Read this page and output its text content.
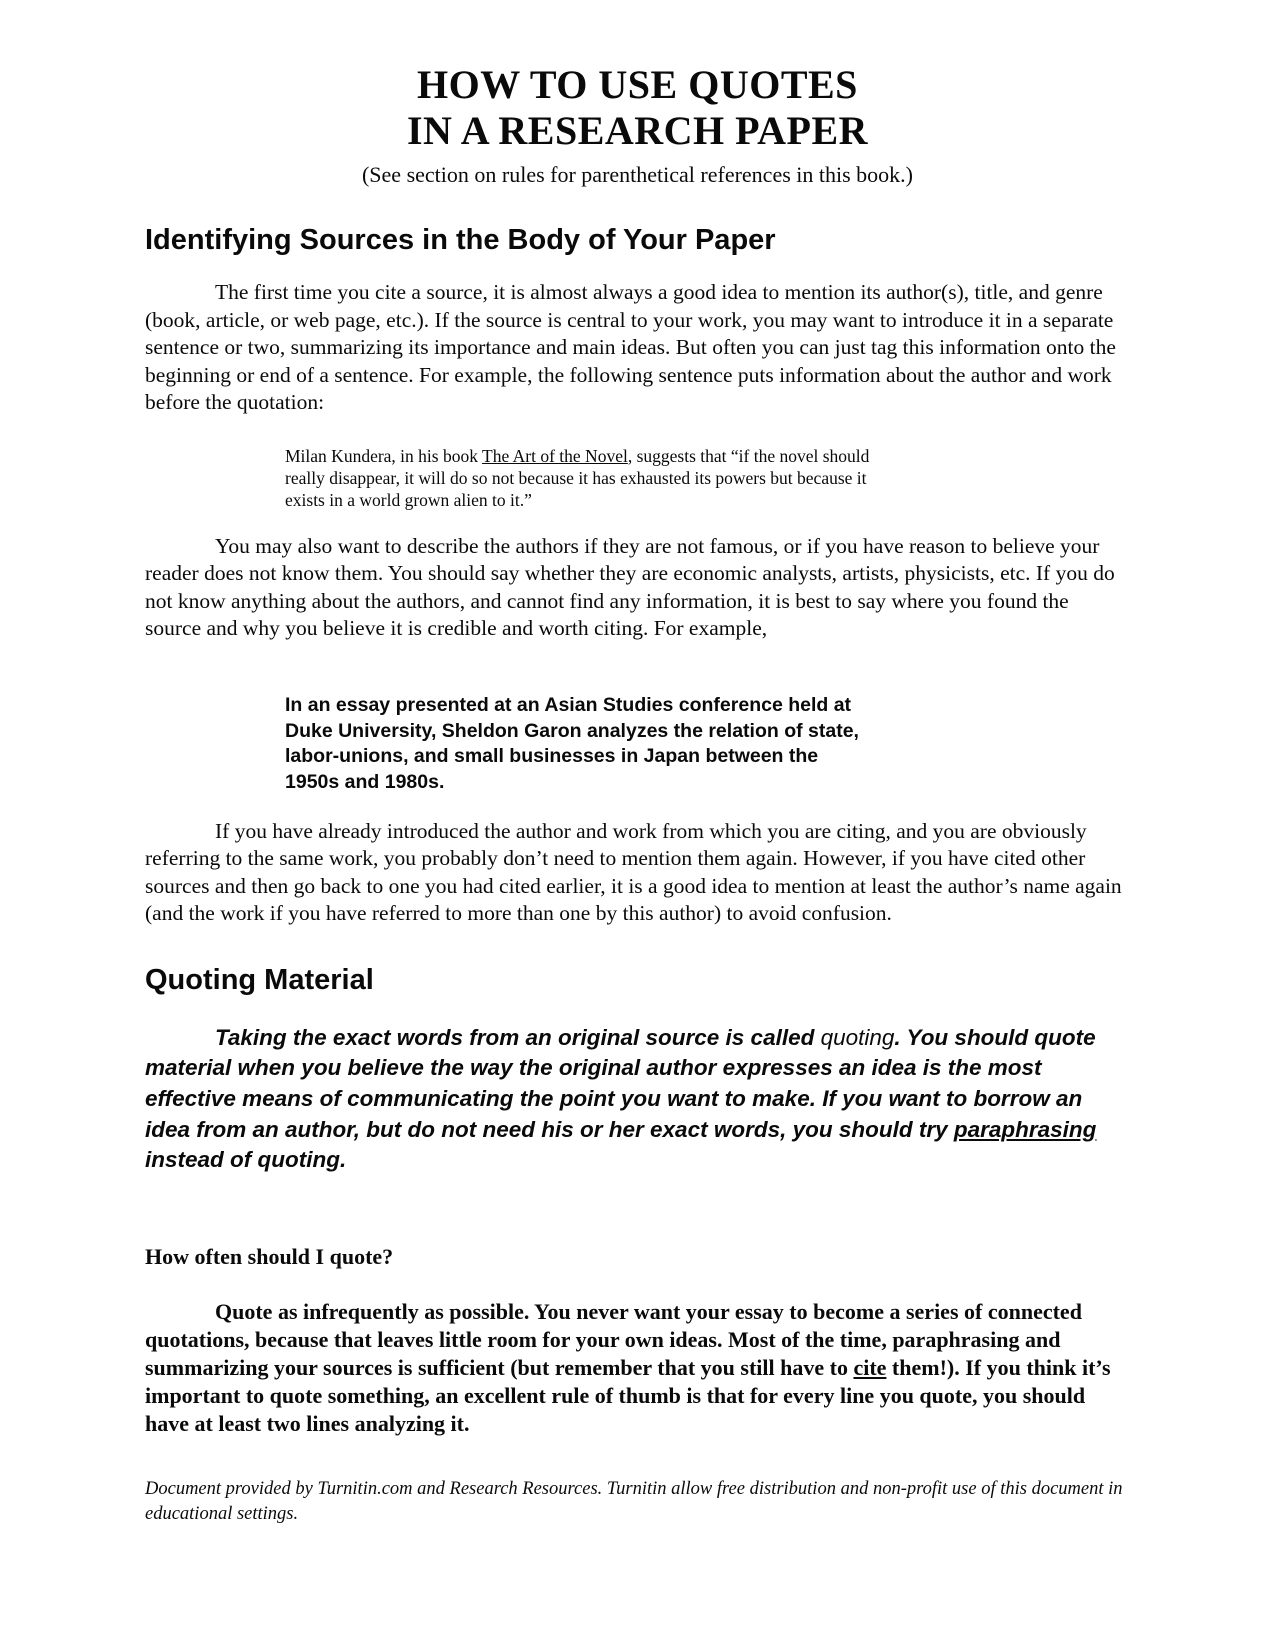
HOW TO USE QUOTES
IN A RESEARCH PAPER
(See section on rules for parenthetical references in this book.)
Identifying Sources in the Body of Your Paper

The first time you cite a source, it is almost always a good idea to mention its author(s), title, and genre (book, article, or web page, etc.). If the source is central to your work, you may want to introduce it in a separate sentence or two, summarizing its importance and main ideas. But often you can just tag this information onto the beginning or end of a sentence. For example, the following sentence puts information about the author and work before the quotation:

Milan Kundera, in his book The Art of the Novel, suggests that “if the novel should really disappear, it will do so not because it has exhausted its powers but because it exists in a world grown alien to it.”

You may also want to describe the authors if they are not famous, or if you have reason to believe your reader does not know them. You should say whether they are economic analysts, artists, physicists, etc. If you do not know anything about the authors, and cannot find any information, it is best to say where you found the source and why you believe it is credible and worth citing. For example,

In an essay presented at an Asian Studies conference held at Duke University, Sheldon Garon analyzes the relation of state, labor-unions, and small businesses in Japan between the 1950s and 1980s.

If you have already introduced the author and work from which you are citing, and you are obviously referring to the same work, you probably don’t need to mention them again. However, if you have cited other sources and then go back to one you had cited earlier, it is a good idea to mention at least the author’s name again (and the work if you have referred to more than one by this author) to avoid confusion.

Quoting Material

Taking the exact words from an original source is called quoting. You should quote material when you believe the way the original author expresses an idea is the most effective means of communicating the point you want to make. If you want to borrow an idea from an author, but do not need his or her exact words, you should try paraphrasing instead of quoting.

How often should I quote?

Quote as infrequently as possible. You never want your essay to become a series of connected quotations, because that leaves little room for your own ideas. Most of the time, paraphrasing and summarizing your sources is sufficient (but remember that you still have to cite them!). If you think it’s important to quote something, an excellent rule of thumb is that for every line you quote, you should have at least two lines analyzing it.

Document provided by Turnitin.com and Research Resources. Turnitin allow free distribution and non-profit use of this document in educational settings.
